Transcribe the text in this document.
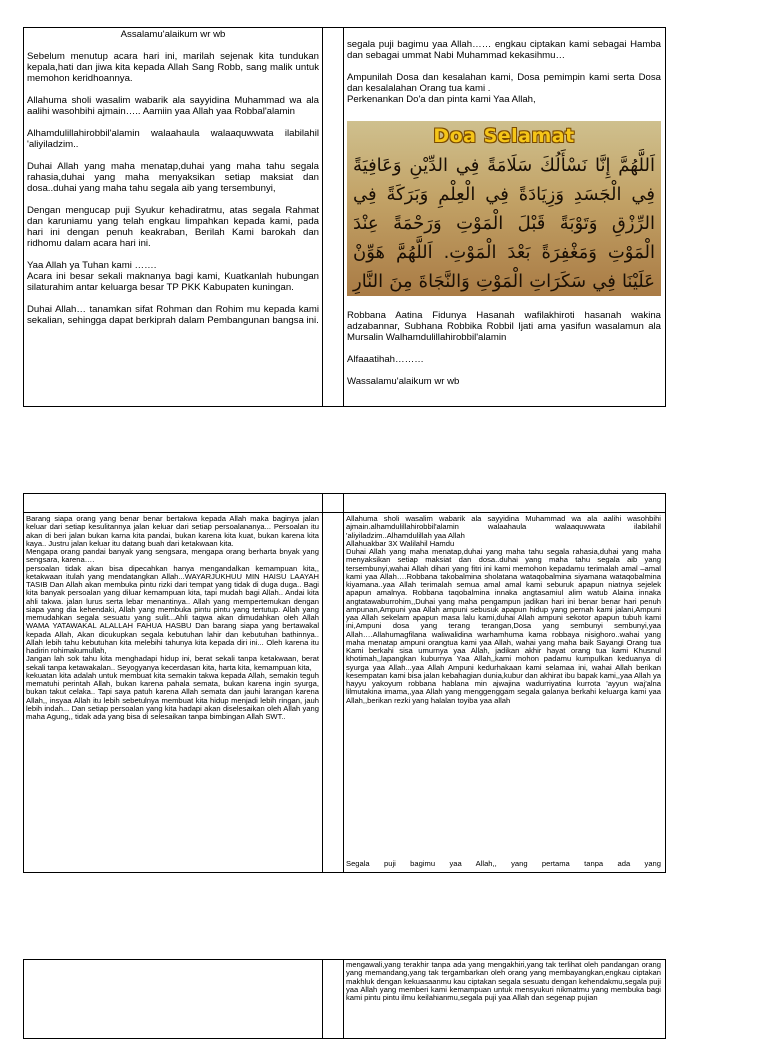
Assalamu'alaikum wr wb

Sebelum menutup acara hari ini, marilah sejenak kita tundukan kepala,hati dan jiwa kita kepada Allah Sang Robb, sang malik untuk memohon keridhoannya.

Allahuma sholi wasalim wabarik ala sayyidina Muhammad wa ala aalihi wasohbihi ajmain….. Aamiin yaa Allah yaa Robbal'alamin

Alhamdulillahirobbil'alamin walaahaula walaaquwwata ilabilahil 'aliyiladzim..

Duhai Allah yang maha menatap,duhai yang maha tahu segala rahasia,duhai yang maha menyaksikan setiap maksiat dan dosa..duhai yang maha tahu segala aib yang tersembunyi,

Dengan mengucap puji Syukur kehadiratmu, atas segala Rahmat dan karuniamu yang telah engkau limpahkan kepada kami, pada hari ini dengan penuh keakraban, Berilah Kami barokah dan ridhomu dalam acara hari ini.

Yaa Allah ya Tuhan kami …….
Acara ini besar sekali maknanya bagi kami, Kuatkanlah hubungan silaturahim antar keluarga besar TP PKK Kabupaten kuningan.

Duhai Allah… tanamkan sifat Rohman dan Rohim mu kepada kami sekalian, sehingga dapat berkiprah dalam Pembangunan bangsa ini.

segala puji bagimu yaa Allah…… engkau ciptakan kami sebagai Hamba dan sebagai ummat Nabi Muhammad kekasihmu…

Ampunilah Dosa dan kesalahan kami, Dosa pemimpin kami serta Dosa dan kesalalahan Orang tua kami .
Perkenankan Do'a dan pinta kami Yaa Allah,

Doa Selamat
اَللَّهُمَّ إِنَّا نَسْأَلُكَ سَلَامَةً فِي الدِّيْنِ وَعَافِيَةً فِي الْجَسَدِ وَزِيَادَةً فِي الْعِلْمِ وَبَرَكَةً فِي الرِّزْقِ وَتَوْبَةً قَبْلَ الْمَوْتِ وَرَحْمَةً عِنْدَ الْمَوْتِ وَمَغْفِرَةً بَعْدَ الْمَوْتِ. اَللَّهُمَّ هَوِّنْ عَلَيْنَا فِي سَكَرَاتِ الْمَوْتِ وَالنَّجَاةَ مِنَ النَّارِ

Robbana Aatina Fidunya Hasanah wafilakhiroti hasanah wakina adzabannar, Subhana Robbika Robbil Ijati ama yasifun wasalamun ala Mursalin Walhamdulillahirobbil'alamin

Alfaaatihah………

Wassalamu'alaikum wr wb

Barang siapa orang yang benar benar bertakwa kepada Allah maka baginya jalan keluar dari setiap kesulitannya jalan keluar dari setiap persoalananya... Persoalan itu akan di beri jalan bukan karna kita pandai, bukan karena kita kuat, bukan karena kita kaya.. Justru jalan keluar itu datang buah dari ketakwaan kita.
Mengapa orang pandai banyak yang sengsara, mengapa orang berharta bnyak yang sengsara, karena….
persoalan tidak akan bisa dipecahkan hanya mengandalkan kemampuan kita,, ketakwaan itulah yang mendatangkan Allah...WAYARJUKHUU MIN HAISU LAAYAH TASIB Dan Allah akan membuka pintu rizki dari tempat yang tidak di duga duga.. Bagi kita banyak persoalan yang diluar kemampuan kita, tapi mudah bagi Allah.. Andai kita ahli takwa. jalan lurus serta lebar menantinya.. Allah yang mempertemukan dengan siapa yang dia kehendaki, Allah yang membuka pintu pintu yang tertutup. Allah yang memudahkan segala sesuatu yang sulit...Ahli taqwa akan dimudahkan oleh Allah WAMA YATAWAKAL ALALLAH FAHUA HASBU Dan barang siapa yang bertawakal kepada Allah, Akan dicukupkan segala kebutuhan lahir dan kebutuhan bathinnya.. Allah lebih tahu kebutuhan kita melebihi tahunya kita kepada diri ini... Oleh karena itu hadirin rohimakumullah,
Jangan lah sok tahu kita menghadapi hidup ini, berat sekali tanpa ketakwaan, berat sekali tanpa ketawakalan.. Seyogyanya kecerdasan kita, harta kita, kemampuan kita,
kekuatan kita adalah untuk membuat kita semakin takwa kepada Allah, semakin teguh mematuhi perintah Allah, bukan karena pahala semata, bukan karena ingin syurga, bukan takut celaka.. Tapi saya patuh karena Allah semata dan jauhi larangan karena Allah,, insyaa Allah itu lebih sebetulnya membuat kita hidup menjadi lebih ringan, jauh lebih indah... Dan setiap persoalan yang kita hadapi akan diselesaikan oleh Allah yang maha Agung,, tidak ada yang bisa di selesaikan tanpa bimbingan Allah SWT..

Allahuma sholi wasalim wabarik ala sayyidina Muhammad wa ala aalihi wasohbihi ajmain.alhamdulillahirobbil'alamin walaahaula walaaquwwata ilabilahil 'aliyiladzim..Alhamdulillah yaa Allah
Allahuakbar 3X Walilahil Hamdu
Duhai Allah yang maha menatap,duhai yang maha tahu segala rahasia,duhai yang maha menyaksikan setiap maksiat dan dosa..duhai yang maha tahu segala aib yang tersembunyi,wahai Allah dihari yang fitri ini kami memohon kepadamu terimalah amal –amal kami yaa Allah….Robbana takobalmina sholatana wataqobalmina siyamana wataqobalmina kiyamana..yaa Allah terimalah semua amal amal kami seburuk apapun niatnya sejelek apapun amalnya. Robbana taqobalmina innaka angtasamiul alim watub Alaina innaka angtatawaburrohim,,Duhai yang maha pengampun jadikan hari ini benar benar hari penuh ampunan,Ampuni yaa Allah ampuni sebusuk apapun hidup yang pernah kami jalani,Ampuni yaa Allah sekelam apapun masa lalu kami,duhai Allah ampuni sekotor apapun tubuh kami ini,Ampuni dosa yang terang terangan,Dosa yang sembunyi sembunyi,yaa Allah….Allahumagfilana waliwalidina warhamhuma kama robbaya nisighoro..wahai yang maha menatap ampuni orangtua kami yaa Allah, wahai yang maha baik Sayangi Orang tua Kami berkahi sisa umurnya yaa Allah, jadikan akhir hayat orang tua kami Khusnul khotimah,,lapangkan kuburnya Yaa Allah,,kami mohon padamu kumpulkan keduanya di syurga yaa Allah...yaa Allah Ampuni kedurhakaan kami selamaa ini, wahai Allah berikan kesempatan kami bisa jalan kebahagian dunia,kubur dan akhirat ibu bapak kami,,yaa Allah ya hayyu yakoyum robbana hablana min ajwajina wadurriyatina kurrota 'ayyun waj'alna lilmutakina imama,,yaa Allah yang menggenggam segala galanya berkahi keluarga kami yaa Allah,,berikan rezki yang halalan toyiba yaa allah

Segala puji bagimu yaa Allah,, yang pertama tanpa ada yang

mengawali,yang terakhir tanpa ada yang mengakhiri,yang tak terlihat oleh pandangan orang yang memandang,yang tak tergambarkan oleh orang yang membayangkan,engkau ciptakan makhluk dengan kekuasaanmu kau ciptakan segala sesuatu dengan kehendakmu,segala puji yaa Allah yang memberi kami kemampuan untuk mensyukuri nikmatmu yang membuka bagi kami pintu pintu ilmu keilahianmu,segala puji yaa Allah dan segenap pujian
